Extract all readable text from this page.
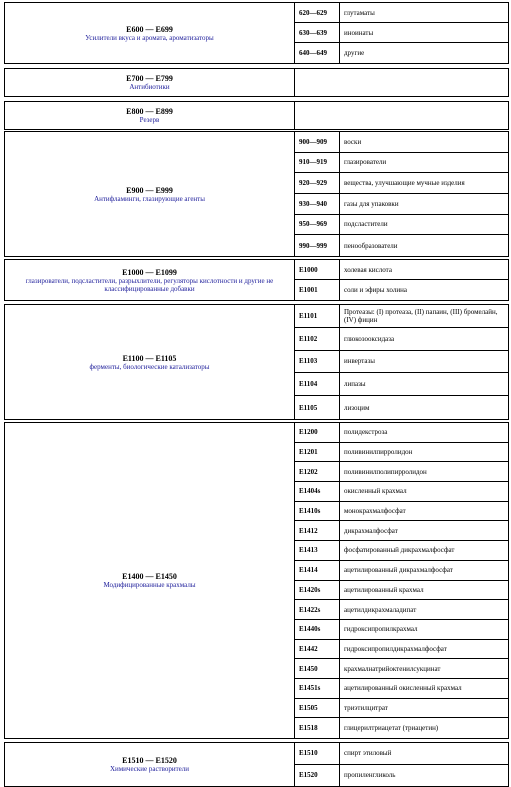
E600 — E699
Усилители вкуса и аромата, ароматизаторы
620—629	глутаматы
630—639	иноинаты
640—649	другие
E700 — E799
Антибиотики
E800 — E899
Резерв
E900 — E999
Антифламинги, глазирующие агенты
900—909	воски
910—919	глазирователи
920—929	вещества, улучшающие мучные изделия
930—940	газы для упаковки
950—969	подсластители
990—999	пенообразователи
E1000 — E1099
глазирователи, подсластители, разрыхлители, регуляторы кислотности и другие не классифицированные добавки
E1000	холевая кислота
E1001	соли и эфиры холина
E1100 — E1105
ферменты, биологические катализаторы
E1101	Протеазы: (I) протеаза, (II) папаин, (III) бромелайн, (IV) фицин
E1102	глюкозооксидаза
E1103	инвертазы
E1104	липазы
E1105	лизоцим
E1400 — E1450
Модифицированные крахмалы
E1200	полидекстроза
E1201	поливинилпирролидон
E1202	поливинилполипирролидон
E1404s	окисленный крахмал
E1410s	монокрахмалфосфат
E1412	дикрахмалфосфат
E1413	фосфатированный дикрахмалфосфат
E1414	ацетилированный дикрахмалфосфат
E1420s	ацетилированный крахмал
E1422s	ацетилдикрахмаладипат
E1440s	гидроксипропилкрахмал
E1442	гидроксипропилдикрахмалфосфат
E1450	крахмалнатрийоктенилсукцинат
E1451s	ацетилированный окисленный крахмал
E1505	триэтилцитрат
E1518	глицерилтриацетат (триацетин)
E1510 — E1520
Химические растворители
E1510	спирт этиловый
E1520	пропиленгликоль
